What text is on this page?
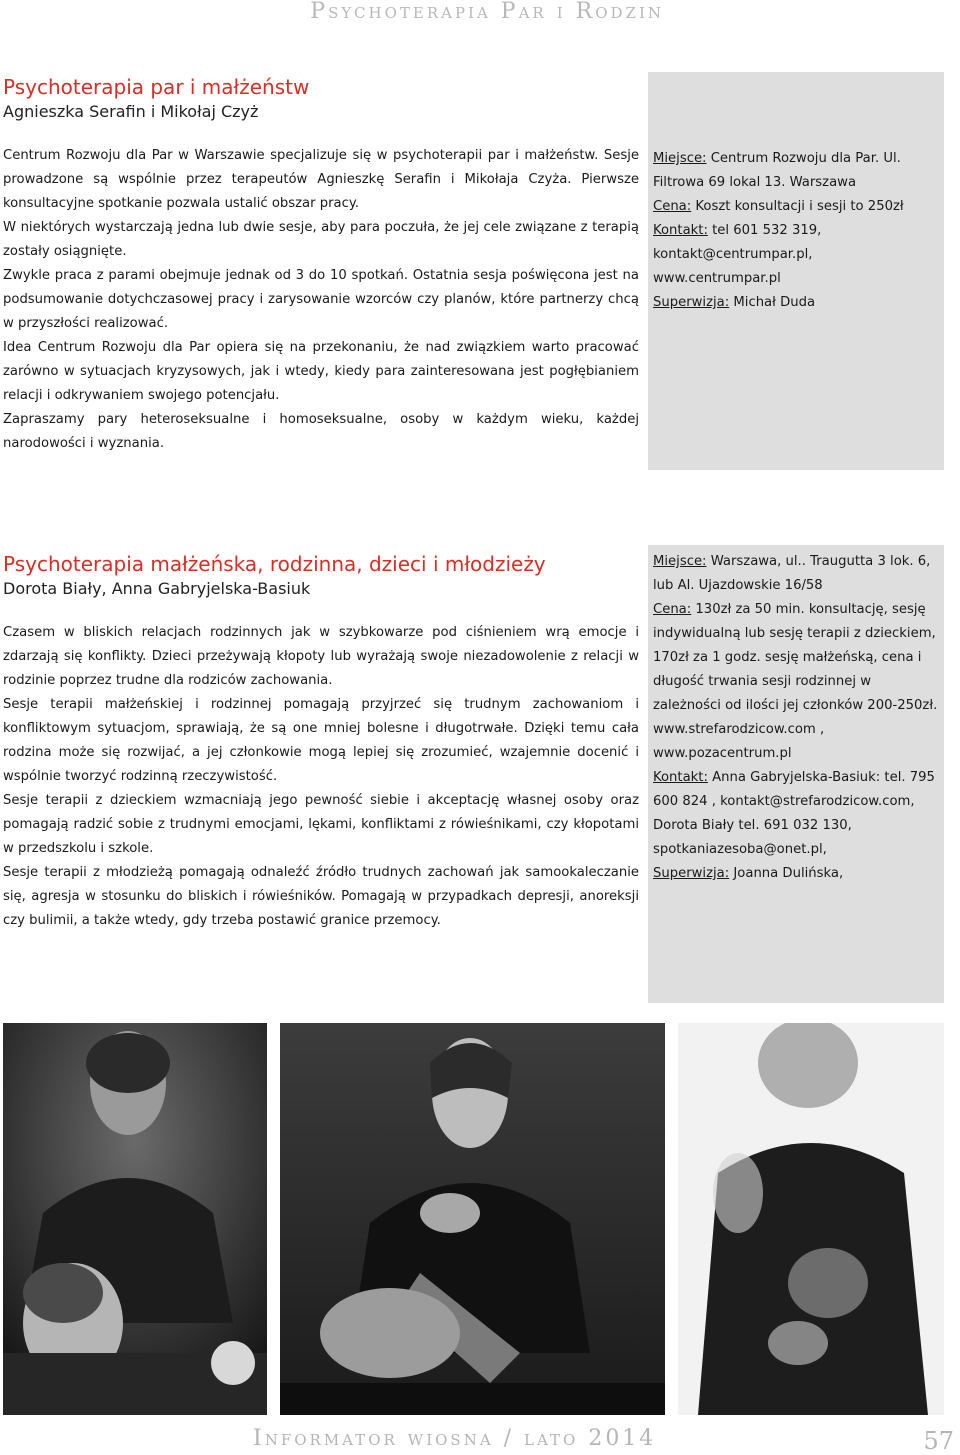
Psychoterapia Par i Rodzin
Psychoterapia par i małżeństw
Agnieszka Serafin i Mikołaj Czyż

Centrum Rozwoju dla Par w Warszawie specjalizuje się w psychoterapii par i małżeństw. Sesje prowadzone są wspólnie przez terapeutów Agnieszkę Serafin i Mikołaja Czyża. Pierwsze konsultacyjne spotkanie pozwala ustalić obszar pracy.

W niektórych wystarczają jedna lub dwie sesje, aby para poczuła, że jej cele związane z terapią zostały osiągnięte.

Zwykle praca z parami obejmuje jednak od 3 do 10 spotkań. Ostatnia sesja poświęcona jest na podsumowanie dotychczasowej pracy i zarysowanie wzorców czy planów, które partnerzy chcą w przyszłości realizować.

Idea Centrum Rozwoju dla Par opiera się na przekonaniu, że nad związkiem warto pracować zarówno w sytuacjach kryzysowych, jak i wtedy, kiedy para zainteresowana jest pogłębianiem relacji i odkrywaniem swojego potencjału.

Zapraszamy pary heteroseksualne i homoseksualne, osoby w każdym wieku, każdej narodowości i wyznania.

Miejsce: Centrum Rozwoju dla Par. Ul. Filtrowa 69 lokal 13. Warszawa

Cena: Koszt konsultacji i sesji to 250zł

Kontakt: tel 601 532 319, kontakt@centrumpar.pl, www.centrumpar.pl

Superwizja: Michał Duda

Psychoterapia małżeńska, rodzinna, dzieci i młodzieży
Dorota Biały, Anna Gabryjelska-Basiuk

Czasem w bliskich relacjach rodzinnych jak w szybkowarze pod ciśnieniem wrą emocje i zdarzają się konflikty. Dzieci przeżywają kłopoty lub wyrażają swoje niezadowolenie z relacji w rodzinie poprzez trudne dla rodziców zachowania.

Sesje terapii małżeńskiej i rodzinnej pomagają przyjrzeć się trudnym zachowaniom i konfliktowym sytuacjom, sprawiają, że są one mniej bolesne i długotrwałe. Dzięki temu cała rodzina może się rozwijać, a jej członkowie mogą lepiej się zrozumieć, wzajemnie docenić i wspólnie tworzyć rodzinną rzeczywistość.

Sesje terapii z dzieckiem wzmacniają jego pewność siebie i akceptację własnej osoby oraz pomagają radzić sobie z trudnymi emocjami, lękami, konfliktami z rówieśnikami, czy kłopotami w przedszkolu i szkole.

Sesje terapii z młodzieżą pomagają odnaleźć źródło trudnych zachowań jak samookaleczanie się, agresja w stosunku do bliskich i rówieśników. Pomagają w przypadkach depresji, anoreksji czy bulimii, a także wtedy, gdy trzeba postawić granice przemocy.

Miejsce: Warszawa, ul.. Traugutta 3 lok. 6, lub Al. Ujazdowskie 16/58

Cena: 130zł za 50 min. konsultację, sesję indywidualną lub sesję terapii z dzieckiem, 170zł za 1 godz. sesję małżeńską, cena i długość trwania sesji rodzinnej w zależności od ilości jej członków 200-250zł. www.strefarodzicow.com , www.pozacentrum.pl

Kontakt: Anna Gabryjelska-Basiuk: tel. 795 600 824 , kontakt@strefarodzicow.com, Dorota Biały tel. 691 032 130, spotkaniazesoba@onet.pl,

Superwizja: Joanna Dulińska,

Informator wiosna / lato 2014	57
